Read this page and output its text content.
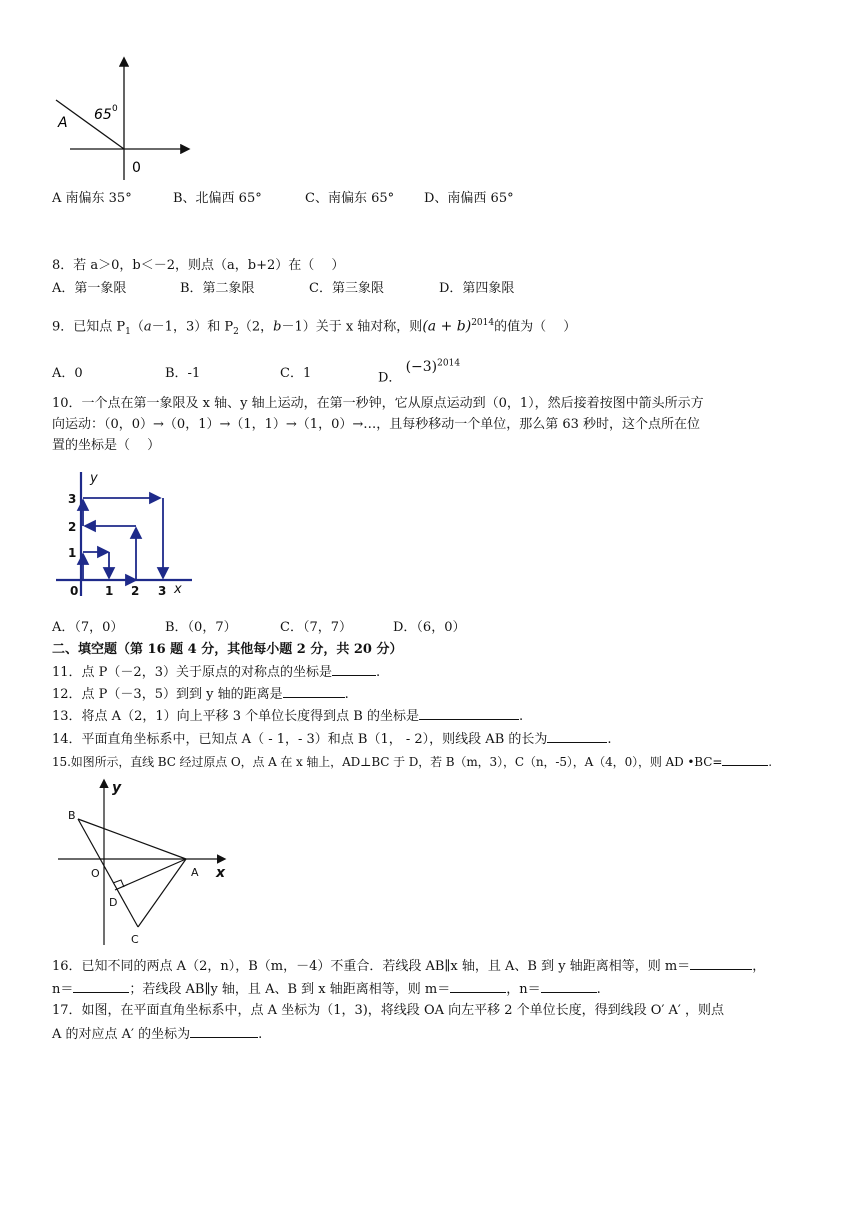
65 0
A
0
A 南偏东 35°	B、北偏西 65°	C、南偏东 65° D、南偏西 65°
8．若 a＞0，b＜－2，则点（a，b+2）在（　 ）
A．第一象限	B．第二象限	C．第三象限	D．第四象限
9．已知点 $P_1(a-1$，3）和 $P_2(2$，b－1）关于 x 轴对称，则$(a + b)^{2014}$的值为（　 ）
A．0	B．-1	C．1	D． $(-3)^{2014}$
10．一个点在第一象限及 x 轴、y 轴上运动，在第一秒钟，它从原点运动到（0，1），然后接着按图中箭头所示方
向运动：（0，0）→（0，1）→（1，1）→（1，0）→…，且每秒移动一个单位，那么第 63 秒时，这个点所在位
置的坐标是（　 ）
y
x
0 1 2 3
1
2
3
A．（7，0）	B．（0，7）	C．（7，7）	D．（6，0）
二、填空题（第 16 题 4 分，其他每小题 2 分，共 20 分）
11．点 P（－2，3）关于原点的对称点的坐标是	.
12．点 P（－3，5）到到 y 轴的距离是	.
13．将点 A（2，1）向上平移 3 个单位长度得到点 B 的坐标是	.
14．平面直角坐标系中，已知点 A（ - 1，- 3）和点 B（1， - 2），则线段 AB 的长为	.
15.如图所示，直线 BC 经过原点 O，点 A 在 x 轴上，AD⊥BC 于 D，若 B（m，3），C（n，-5），A（4，0），则 AD •BC=	.
B
O
D
C
A x
y
16．已知不同的两点 A（2，n），B（m，－4）不重合．若线段 AB∥x 轴，且 A、B 到 y 轴距离相等，则 m＝	，
n＝	；若线段 AB∥y 轴，且 A、B 到 x 轴距离相等，则 m＝	，n＝	.
17．如图，在平面直角坐标系中，点 A 坐标为（1，3)，将线段 OA 向左平移 2 个单位长度，得到线段 O′ A′ ，则点
A 的对应点 A′ 的坐标为	.
